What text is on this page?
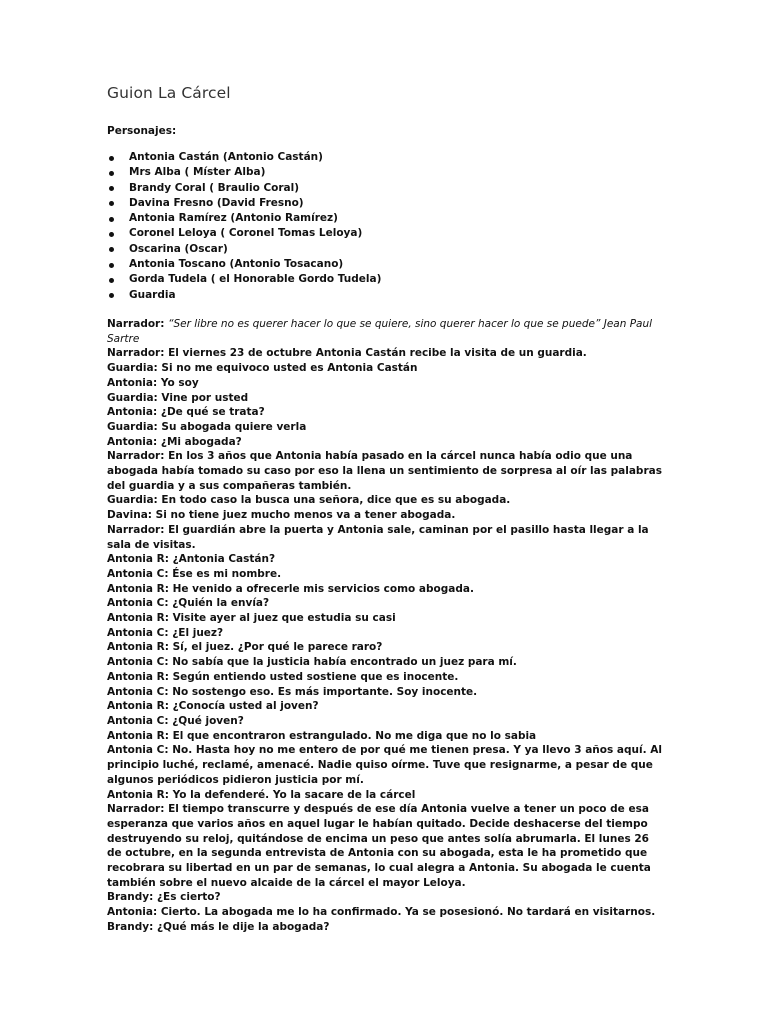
Guion La Cárcel

Personajes:

Antonia Castán (Antonio Castán)
Mrs Alba ( Míster Alba)
Brandy Coral ( Braulio Coral)
Davina Fresno (David Fresno)
Antonia Ramírez (Antonio Ramírez)
Coronel Leloya ( Coronel Tomas Leloya)
Oscarina (Oscar)
Antonia Toscano (Antonio Tosacano)
Gorda Tudela ( el Honorable Gordo Tudela)
Guardia

Narrador: “Ser libre no es querer hacer lo que se quiere, sino querer hacer lo que se puede” Jean Paul Sartre

Narrador: El viernes 23 de octubre Antonia Castán recibe la visita de un guardia.

Guardia: Si no me equivoco usted es Antonia Castán

Antonia: Yo soy

Guardia: Vine por usted

Antonia: ¿De qué se trata?

Guardia: Su abogada quiere verla

Antonia: ¿Mi abogada?

Narrador: En los 3 años que Antonia había pasado en la cárcel nunca había odio que una abogada había tomado su caso por eso la llena un sentimiento de sorpresa al oír las palabras del guardia y a sus compañeras también.

Guardia: En todo caso la busca una señora, dice que es su abogada.

Davina: Si no tiene juez mucho menos va a tener abogada.

Narrador: El guardián abre la puerta y Antonia sale, caminan por el pasillo hasta llegar a la sala de visitas.

Antonia R: ¿Antonia Castán?

Antonia C: Ése es mi nombre.

Antonia R: He venido a ofrecerle mis servicios como abogada.

Antonia C: ¿Quién la envía?

Antonia R: Visite ayer al juez que estudia su casi

Antonia C: ¿El juez?

Antonia R: Sí, el juez. ¿Por qué le parece raro?

Antonia C: No sabía que la justicia había encontrado un juez para mí.

Antonia R: Según entiendo usted sostiene que es inocente.

Antonia C: No sostengo eso. Es más importante. Soy inocente.

Antonia R: ¿Conocía usted al joven?

Antonia C: ¿Qué joven?

Antonia R: El que encontraron estrangulado. No me diga que no lo sabia

Antonia C: No. Hasta hoy no me entero de por qué me tienen presa. Y ya llevo 3 años aquí. Al principio luché, reclamé, amenacé. Nadie quiso oírme. Tuve que resignarme, a pesar de que algunos periódicos pidieron justicia por mí.

Antonia R: Yo la defenderé. Yo la sacare de la cárcel

Narrador: El tiempo transcurre y después de ese día Antonia vuelve a tener un poco de esa esperanza que varios años en aquel lugar le habían quitado. Decide deshacerse del tiempo destruyendo su reloj, quitándose de encima un peso que antes solía abrumarla. El lunes 26 de octubre, en la segunda entrevista de Antonia con su abogada, esta le ha prometido que recobrara su libertad en un par de semanas, lo cual alegra a Antonia. Su abogada le cuenta también sobre el nuevo alcaide de la cárcel el mayor Leloya.

Brandy: ¿Es cierto?

Antonia: Cierto. La abogada me lo ha confirmado. Ya se posesionó. No tardará en visitarnos.

Brandy: ¿Qué más le dije la abogada?
